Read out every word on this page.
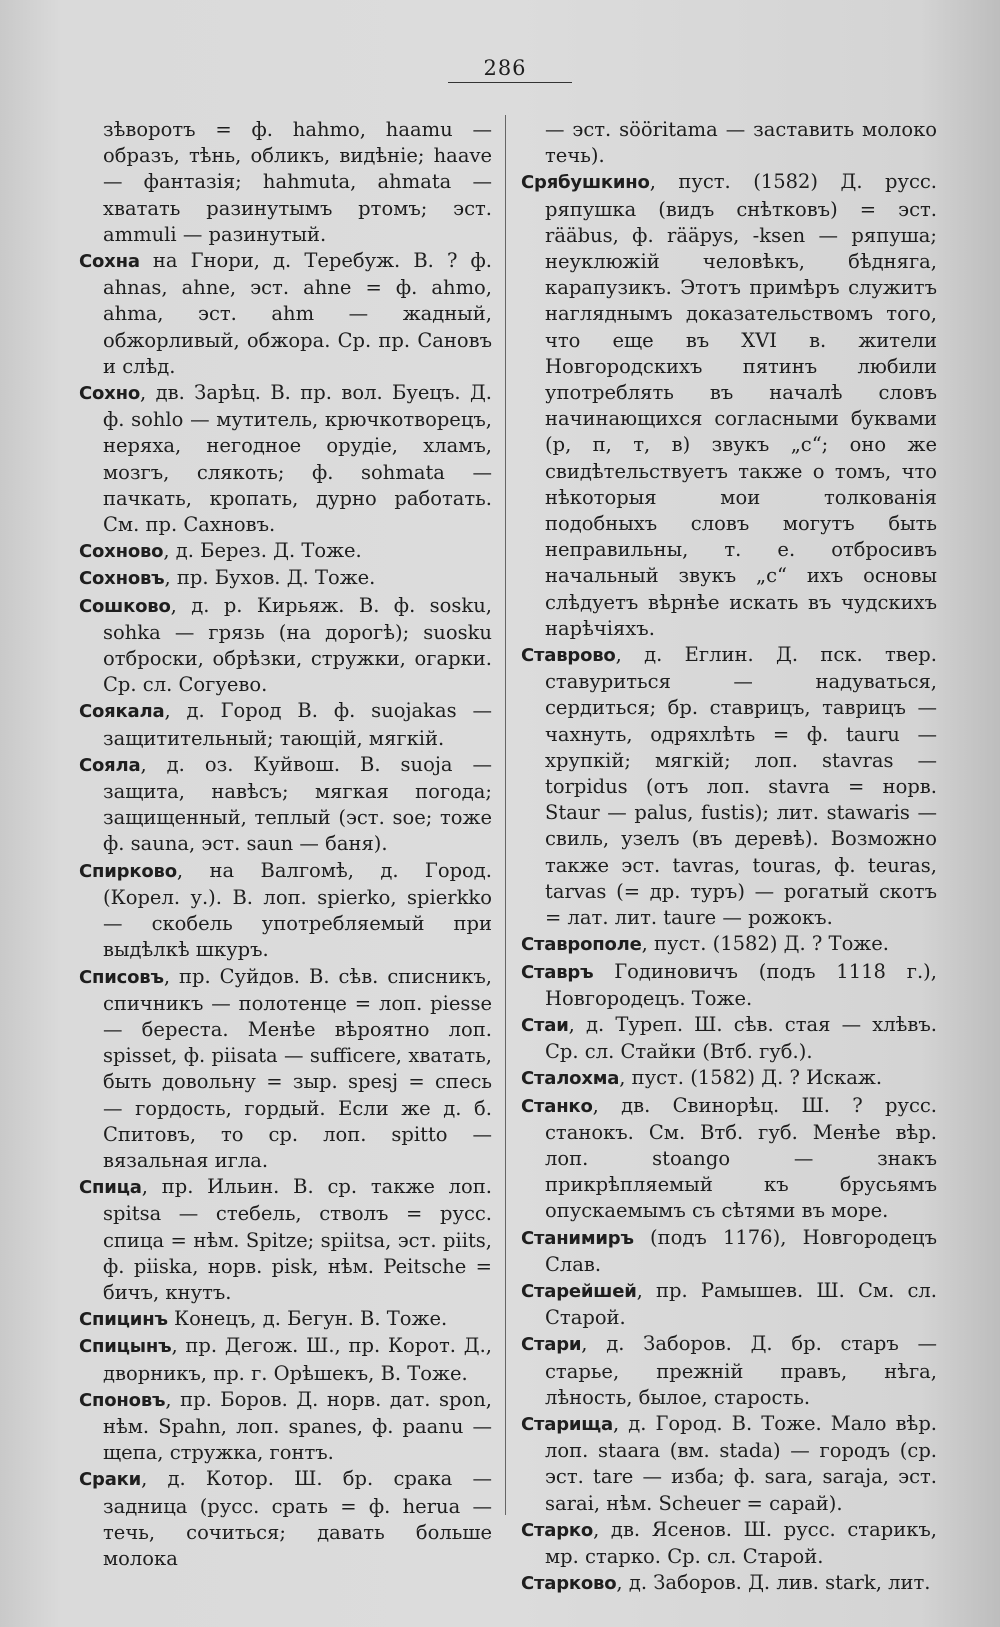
286

зѣворотъ = ф. hahmo, haamu — образъ, тѣнь, обликъ, видѣніе; haave — фантазія; hahmuta, ahmata — хватать разинутымъ ртомъ; эст. ammuli — разинутый.

Сохна на Гнори, д. Теребуж. В. ? ф. ahnas, ahne, эст. ahne = ф. ahmo, ahma, эст. ahm — жадный, обжорливый, обжора. Ср. пр. Сановъ и слѣд.

Сохно, дв. Зарѣц. В. пр. вол. Буецъ. Д. ф. sohlo — мутитель, крючкотворецъ, неряха, негодное орудіе, хламъ, мозгъ, слякоть; ф. sohmata — пачкать, кропать, дурно работать. См. пр. Сахновъ.

Сохново, д. Берез. Д. Тоже.

Сохновъ, пр. Бухов. Д. Тоже.

Сошково, д. р. Кирьяж. В. ф. sosku, sohka — грязь (на дорогѣ); suosku отброски, обрѣзки, стружки, огарки. Ср. сл. Согуево.

Соякала, д. Город В. ф. suojakas — защитительный; тающій, мягкій.

Сояла, д. оз. Куйвош. В. suoja — защита, навѣсъ; мягкая погода; защищенный, теплый (эст. soe; тоже ф. sauna, эст. saun — баня).

Спирково, на Валгомѣ, д. Город. (Корел. у.). В. лоп. spierko, spierkko — скобель употребляемый при выдѣлкѣ шкуръ.

Списовъ, пр. Суйдов. В. сѣв. списникъ, спичникъ — полотенце = лоп. piesse — береста. Менѣе вѣроятно лоп. spisset, ф. piisata — sufficere, хватать, быть довольну = зыр. spesj = спесь — гордость, гордый. Если же д. б. Спитовъ, то ср. лоп. spitto — вязальная игла.

Спица, пр. Ильин. В. ср. также лоп. spitsa — стебель, стволъ = русс. спица = нѣм. Spitze; spiitsa, эст. piits, ф. piiska, норв. pisk, нѣм. Peitsche = бичъ, кнутъ.

Спицинъ Конецъ, д. Бегун. В. Тоже.

Спицынъ, пр. Дегож. Ш., пр. Корот. Д., дворникъ, пр. г. Орѣшекъ, В. Тоже.

Споновъ, пр. Боров. Д. норв. дат. spon, нѣм. Spahn, лоп. spanes, ф. paanu — щепа, стружка, гонтъ.

Сраки, д. Котор. Ш. бр. срака — задница (русс. срать = ф. herua — течь, сочиться; давать больше молока

— эст. sööritama — заставить молоко течь).

Срябушкино, пуст. (1582) Д. русс. ряпушка (видъ снѣтковъ) = эст. rääbus, ф. rääpys, -ksen — ряпуша; неуклюжій человѣкъ, бѣдняга, карапузикъ. Этотъ примѣръ служитъ нагляднымъ доказательствомъ того, что еще въ XVI в. жители Новгородскихъ пятинъ любили употреблять въ началѣ словъ начинающихся согласными буквами (р, п, т, в) звукъ „с“; оно же свидѣтельствуетъ также о томъ, что нѣкоторыя мои толкованія подобныхъ словъ могутъ быть неправильны, т. е. отбросивъ начальный звукъ „с“ ихъ основы слѣдуетъ вѣрнѣе искать въ чудскихъ нарѣчіяхъ.

Ставрово, д. Еглин. Д. пск. твер. ставуриться — надуваться, сердиться; бр. ставрицъ, таврицъ — чахнуть, одряхлѣть = ф. tauru — хрупкій; мягкій; лоп. stavras — torpidus (отъ лоп. stavra = норв. Staur — palus, fustis); лит. stawaris — свиль, узелъ (въ деревѣ). Возможно также эст. tavras, touras, ф. teuras, tarvas (= др. туръ) — рогатый скотъ = лат. лит. taure — рожокъ.

Ставрополе, пуст. (1582) Д. ? Тоже.

Ставръ Годиновичъ (подъ 1118 г.), Новгородецъ. Тоже.

Стаи, д. Туреп. Ш. сѣв. стая — хлѣвъ. Ср. сл. Стайки (Втб. губ.).

Сталохма, пуст. (1582) Д. ? Искаж.

Станко, дв. Свинорѣц. Ш. ? русс. станокъ. См. Втб. губ. Менѣе вѣр. лоп. stoango — знакъ прикрѣпляемый къ брусьямъ опускаемымъ съ сѣтями въ море.

Станимиръ (подъ 1176), Новгородецъ Слав.

Старейшей, пр. Рамышев. Ш. См. сл. Старой.

Стари, д. Заборов. Д. бр. старъ — старье, прежній правъ, нѣга, лѣность, былое, старость.

Старища, д. Город. В. Тоже. Мало вѣр. лоп. staara (вм. stada) — городъ (ср. эст. tare — изба; ф. sara, saraja, эст. sarai, нѣм. Scheuer = сарай).

Старко, дв. Ясенов. Ш. русс. старикъ, мр. старко. Ср. сл. Старой.

Старково, д. Заборов. Д. лив. stark, лит.
